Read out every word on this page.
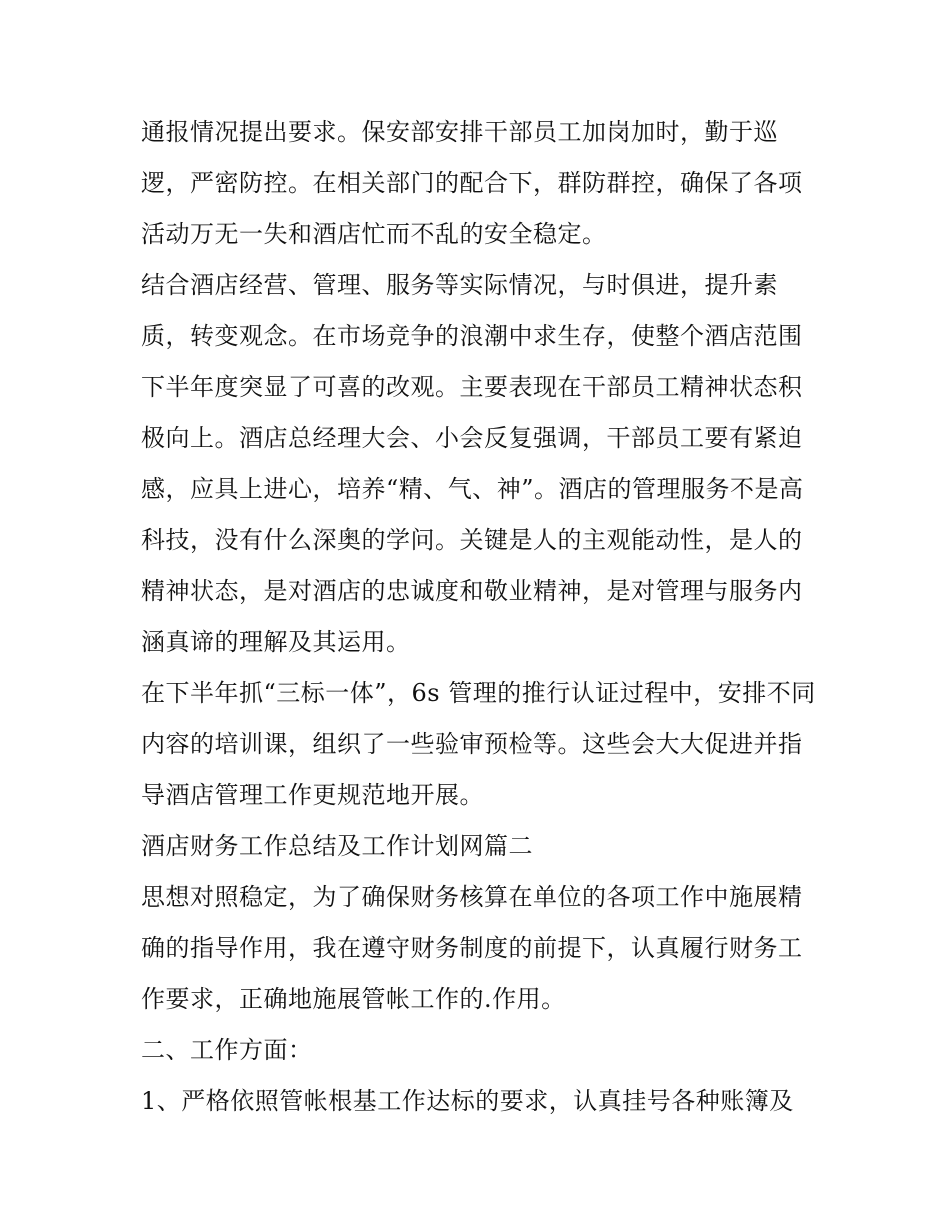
通报情况提出要求。保安部安排干部员工加岗加时，勤于巡
逻，严密防控。在相关部门的配合下，群防群控，确保了各项
活动万无一失和酒店忙而不乱的安全稳定。
结合酒店经营、管理、服务等实际情况，与时俱进，提升素
质，转变观念。在市场竞争的浪潮中求生存，使整个酒店范围
下半年度突显了可喜的改观。主要表现在干部员工精神状态积
极向上。酒店总经理大会、小会反复强调，干部员工要有紧迫
感，应具上进心，培养“精、气、神”。酒店的管理服务不是高
科技，没有什么深奥的学问。关键是人的主观能动性，是人的
精神状态，是对酒店的忠诚度和敬业精神，是对管理与服务内
涵真谛的理解及其运用。
在下半年抓“三标一体”，6s 管理的推行认证过程中，安排不同
内容的培训课，组织了一些验审预检等。这些会大大促进并指
导酒店管理工作更规范地开展。
酒店财务工作总结及工作计划网篇二
思想对照稳定，为了确保财务核算在单位的各项工作中施展精
确的指导作用，我在遵守财务制度的前提下，认真履行财务工
作要求，正确地施展管帐工作的.作用。
二、工作方面：
1、严格依照管帐根基工作达标的要求，认真挂号各种账簿及
